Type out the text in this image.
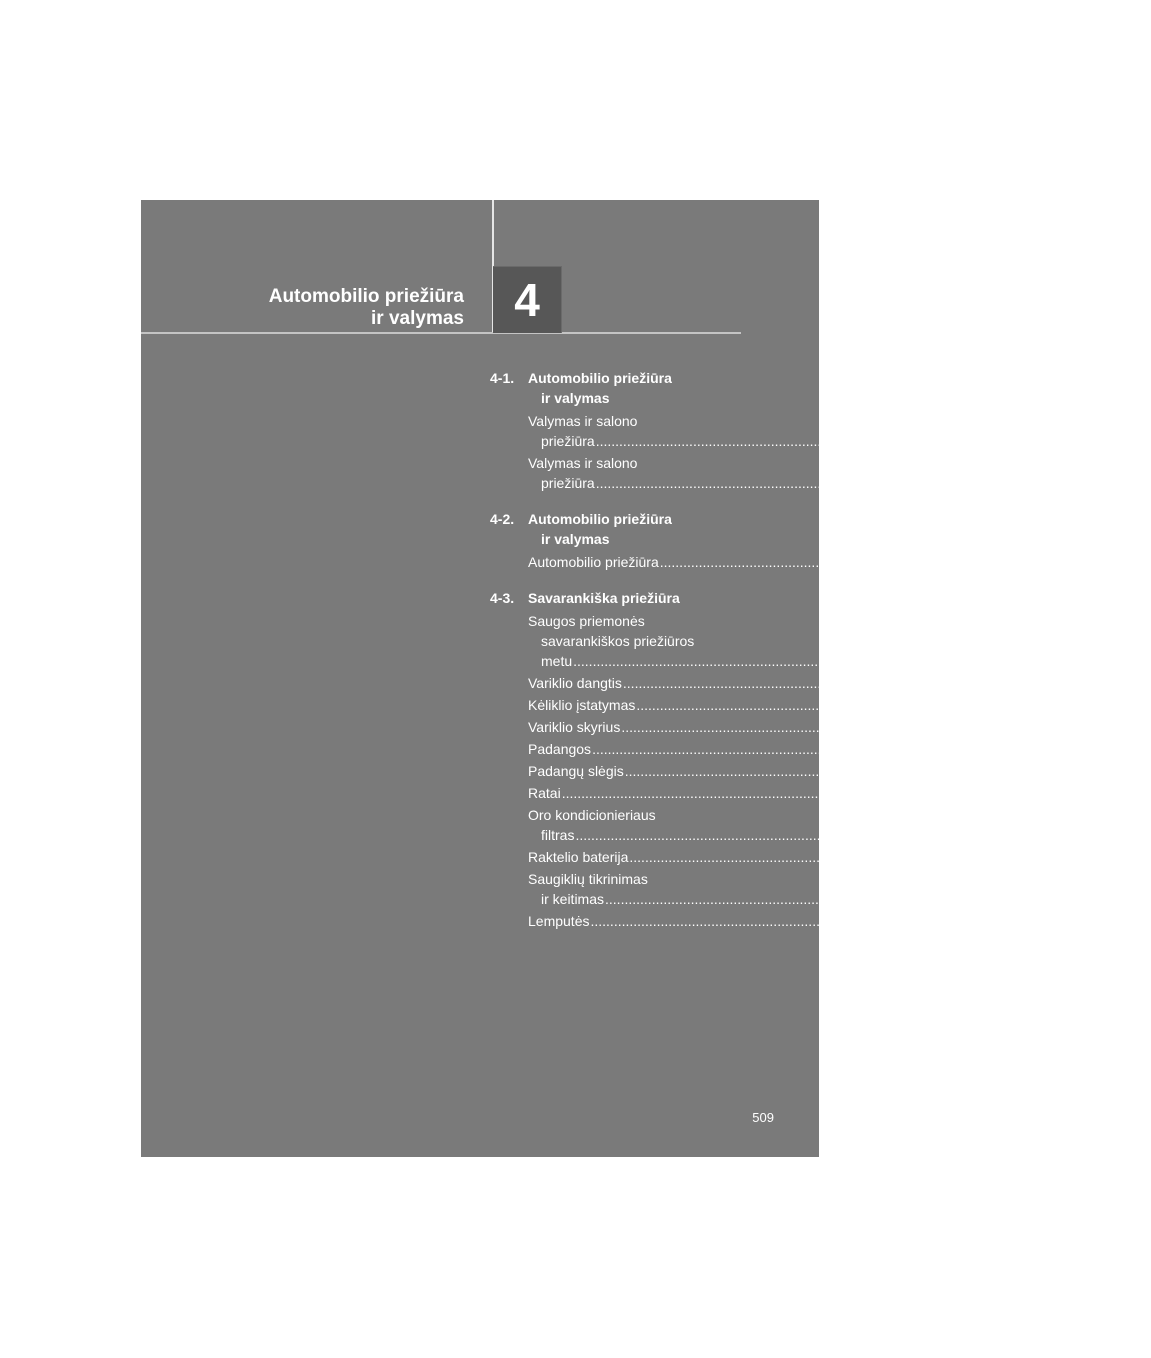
Automobilio priežiūra
ir valymas	4
4-1. Automobilio priežiūra
ir valymas
Valymas ir salono
priežiūra ........................................................................................................................ 510
Valymas ir salono
priežiūra ........................................................................................................................ 515
4-2. Automobilio priežiūra
ir valymas
Automobilio priežiūra ........................................................................................................................ 518
4-3. Savarankiška priežiūra
Saugos priemonės
savarankiškos priežiūros
metu ........................................................................................................................ 521
Variklio dangtis ........................................................................................................................ 525
Kėliklio įstatymas ........................................................................................................................ 527
Variklio skyrius ........................................................................................................................ 529
Padangos ........................................................................................................................ 547
Padangų slėgis ........................................................................................................................ 562
Ratai ........................................................................................................................ 564
Oro kondicionieriaus
filtras ........................................................................................................................ 567
Raktelio baterija ........................................................................................................................ 570
Saugiklių tikrinimas
ir keitimas ........................................................................................................................ 574
Lemputės ........................................................................................................................ 590
509
